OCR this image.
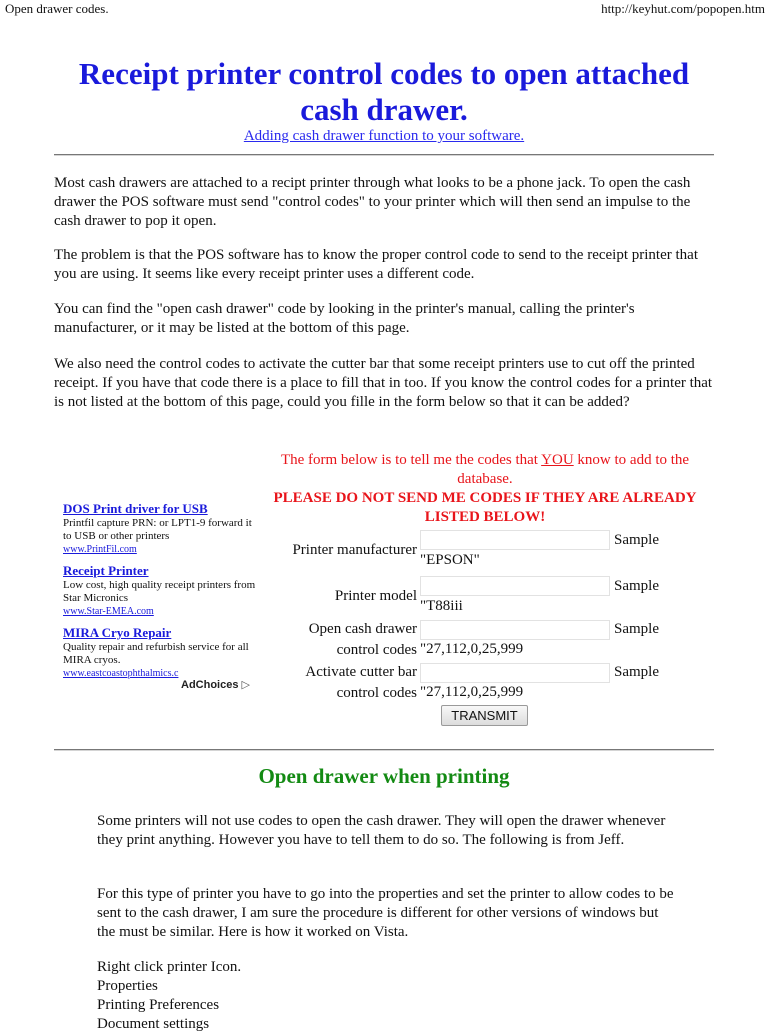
Open drawer codes.	http://keyhut.com/popopen.htm
Receipt printer control codes to open attached cash drawer.
Adding cash drawer function to your software.

Most cash drawers are attached to a recipt printer through what looks to be a phone jack. To open the cash drawer the POS software must send "control codes" to your printer which will then send an impulse to the cash drawer to pop it open.

The problem is that the POS software has to know the proper control code to send to the receipt printer that you are using. It seems like every receipt printer uses a different code.

You can find the "open cash drawer" code by looking in the printer's manual, calling the printer's manufacturer, or it may be listed at the bottom of this page.

We also need the control codes to activate the cutter bar that some receipt printers use to cut off the printed receipt. If you have that code there is a place to fill that in too. If you know the control codes for a printer that is not listed at the bottom of this page, could you fille in the form below so that it can be added?

The form below is to tell me the codes that YOU know to add to the database.
PLEASE DO NOT SEND ME CODES IF THEY ARE ALREADY LISTED BELOW!
DOS Print driver for USB
Printfil capture PRN: or LPT1-9 forward it to USB or other printers
www.PrintFil.com
Receipt Printer
Low cost, high quality receipt printers from Star Micronics
www.Star-EMEA.com
MIRA Cryo Repair
Quality repair and refurbish service for all MIRA cryos.
www.eastcoastophthalmics.c
AdChoices ▷
Printer manufacturer
Sample
"EPSON"
Printer model
Sample
"T88iii
Open cash drawer
control codes
Sample
"27,112,0,25,999
Activate cutter bar
control codes
Sample
"27,112,0,25,999
TRANSMIT
Open drawer when printing

Some printers will not use codes to open the cash drawer. They will open the drawer whenever they print anything. However you have to tell them to do so. The following is from Jeff.

For this type of printer you have to go into the properties and set the printer to allow codes to be sent to the cash drawer, I am sure the procedure is different for other versions of windows but the must be similar. Here is how it worked on Vista.

Right click printer Icon.
Properties
Printing Preferences
Document settings
